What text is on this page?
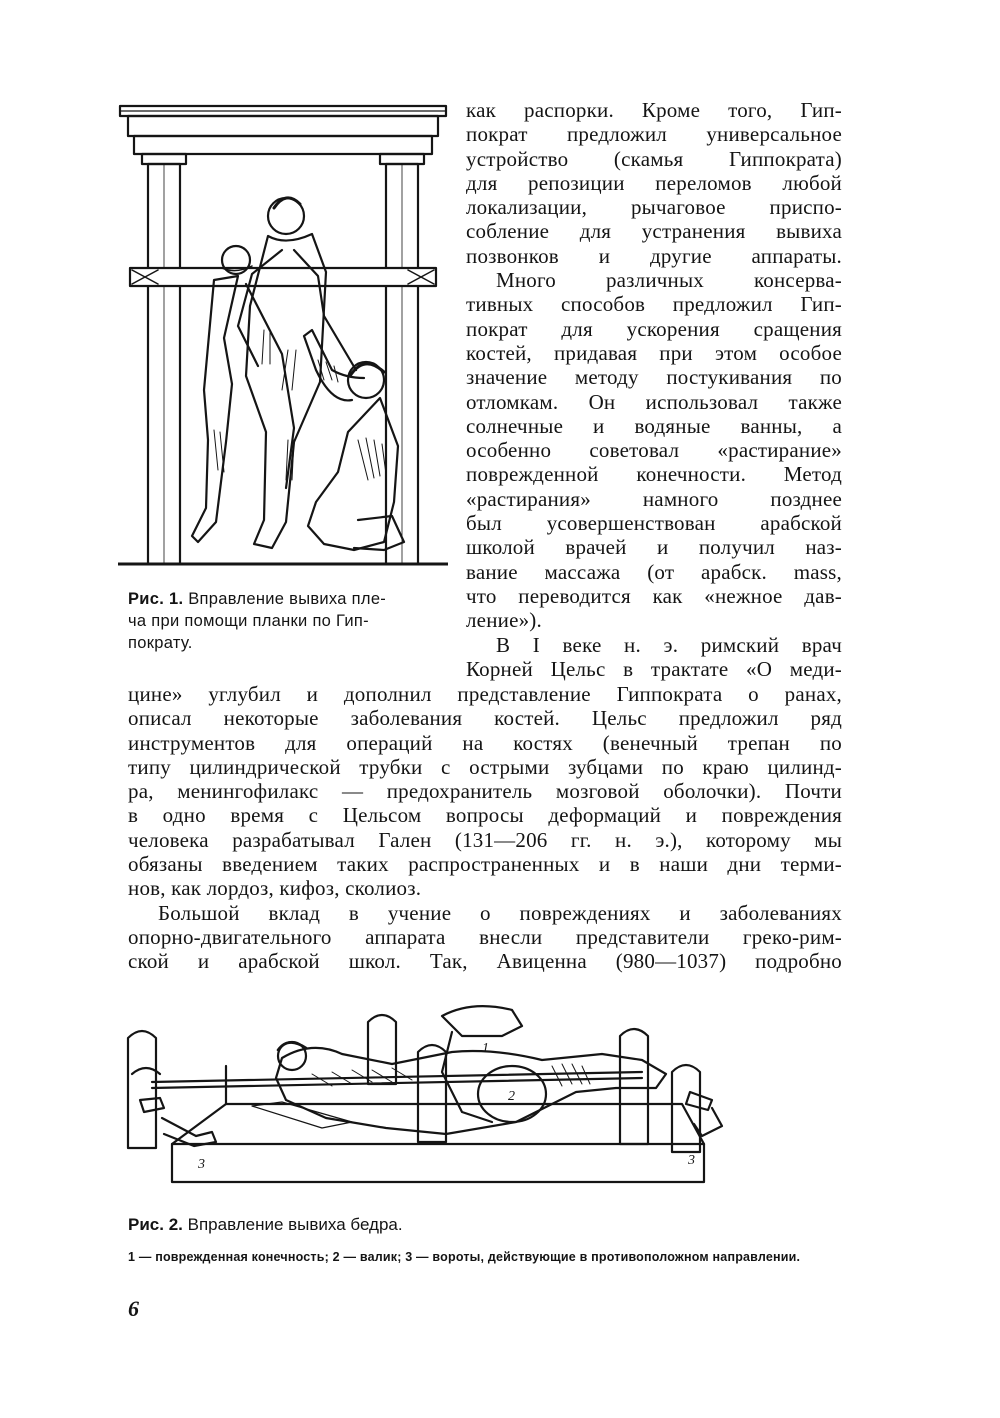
Рис. 1. Вправление вывиха пле-
ча при помощи планки по Гип-
пократу.
как распорки. Кроме того, Гип-
пократ предложил универсальное
устройство (скамья Гиппократа)
для репозиции переломов любой
локализации, рычаговое приспо-
собление для устранения вывиха
позвонков и другие аппараты.
Много различных консерва-
тивных способов предложил Гип-
пократ для ускорения сращения
костей, придавая при этом особое
значение методу постукивания по
отломкам. Он использовал также
солнечные и водяные ванны, а
особенно советовал «растирание»
поврежденной конечности. Метод
«растирания» намного позднее
был усовершенствован арабской
школой врачей и получил наз-
вание массажа (от арабск. mass,
что переводится как «нежное дав-
ление»).
В I веке н. э. римский врач
Корней Цельс в трактате «О меди-
цине» углубил и дополнил представление Гиппократа о ранах,
описал некоторые заболевания костей. Цельс предложил ряд
инструментов для операций на костях (венечный трепан по
типу цилиндрической трубки с острыми зубцами по краю цилинд-
ра, менингофилакс — предохранитель мозговой оболочки). Почти
в одно время с Цельсом вопросы деформаций и повреждения
человека разрабатывал Гален (131—206 гг. н. э.), которому мы
обязаны введением таких распространенных и в наши дни терми-
нов, как лордоз, кифоз, сколиоз.
Большой вклад в учение о повреждениях и заболеваниях
опорно-двигательного аппарата внесли представители греко-рим-
ской и арабской школ. Так, Авиценна (980—1037) подробно
1
2
3	3
Рис. 2. Вправление вывиха бедра.
1 — поврежденная конечность; 2 — валик; 3 — вороты, действующие в противоположном направлении.
6
